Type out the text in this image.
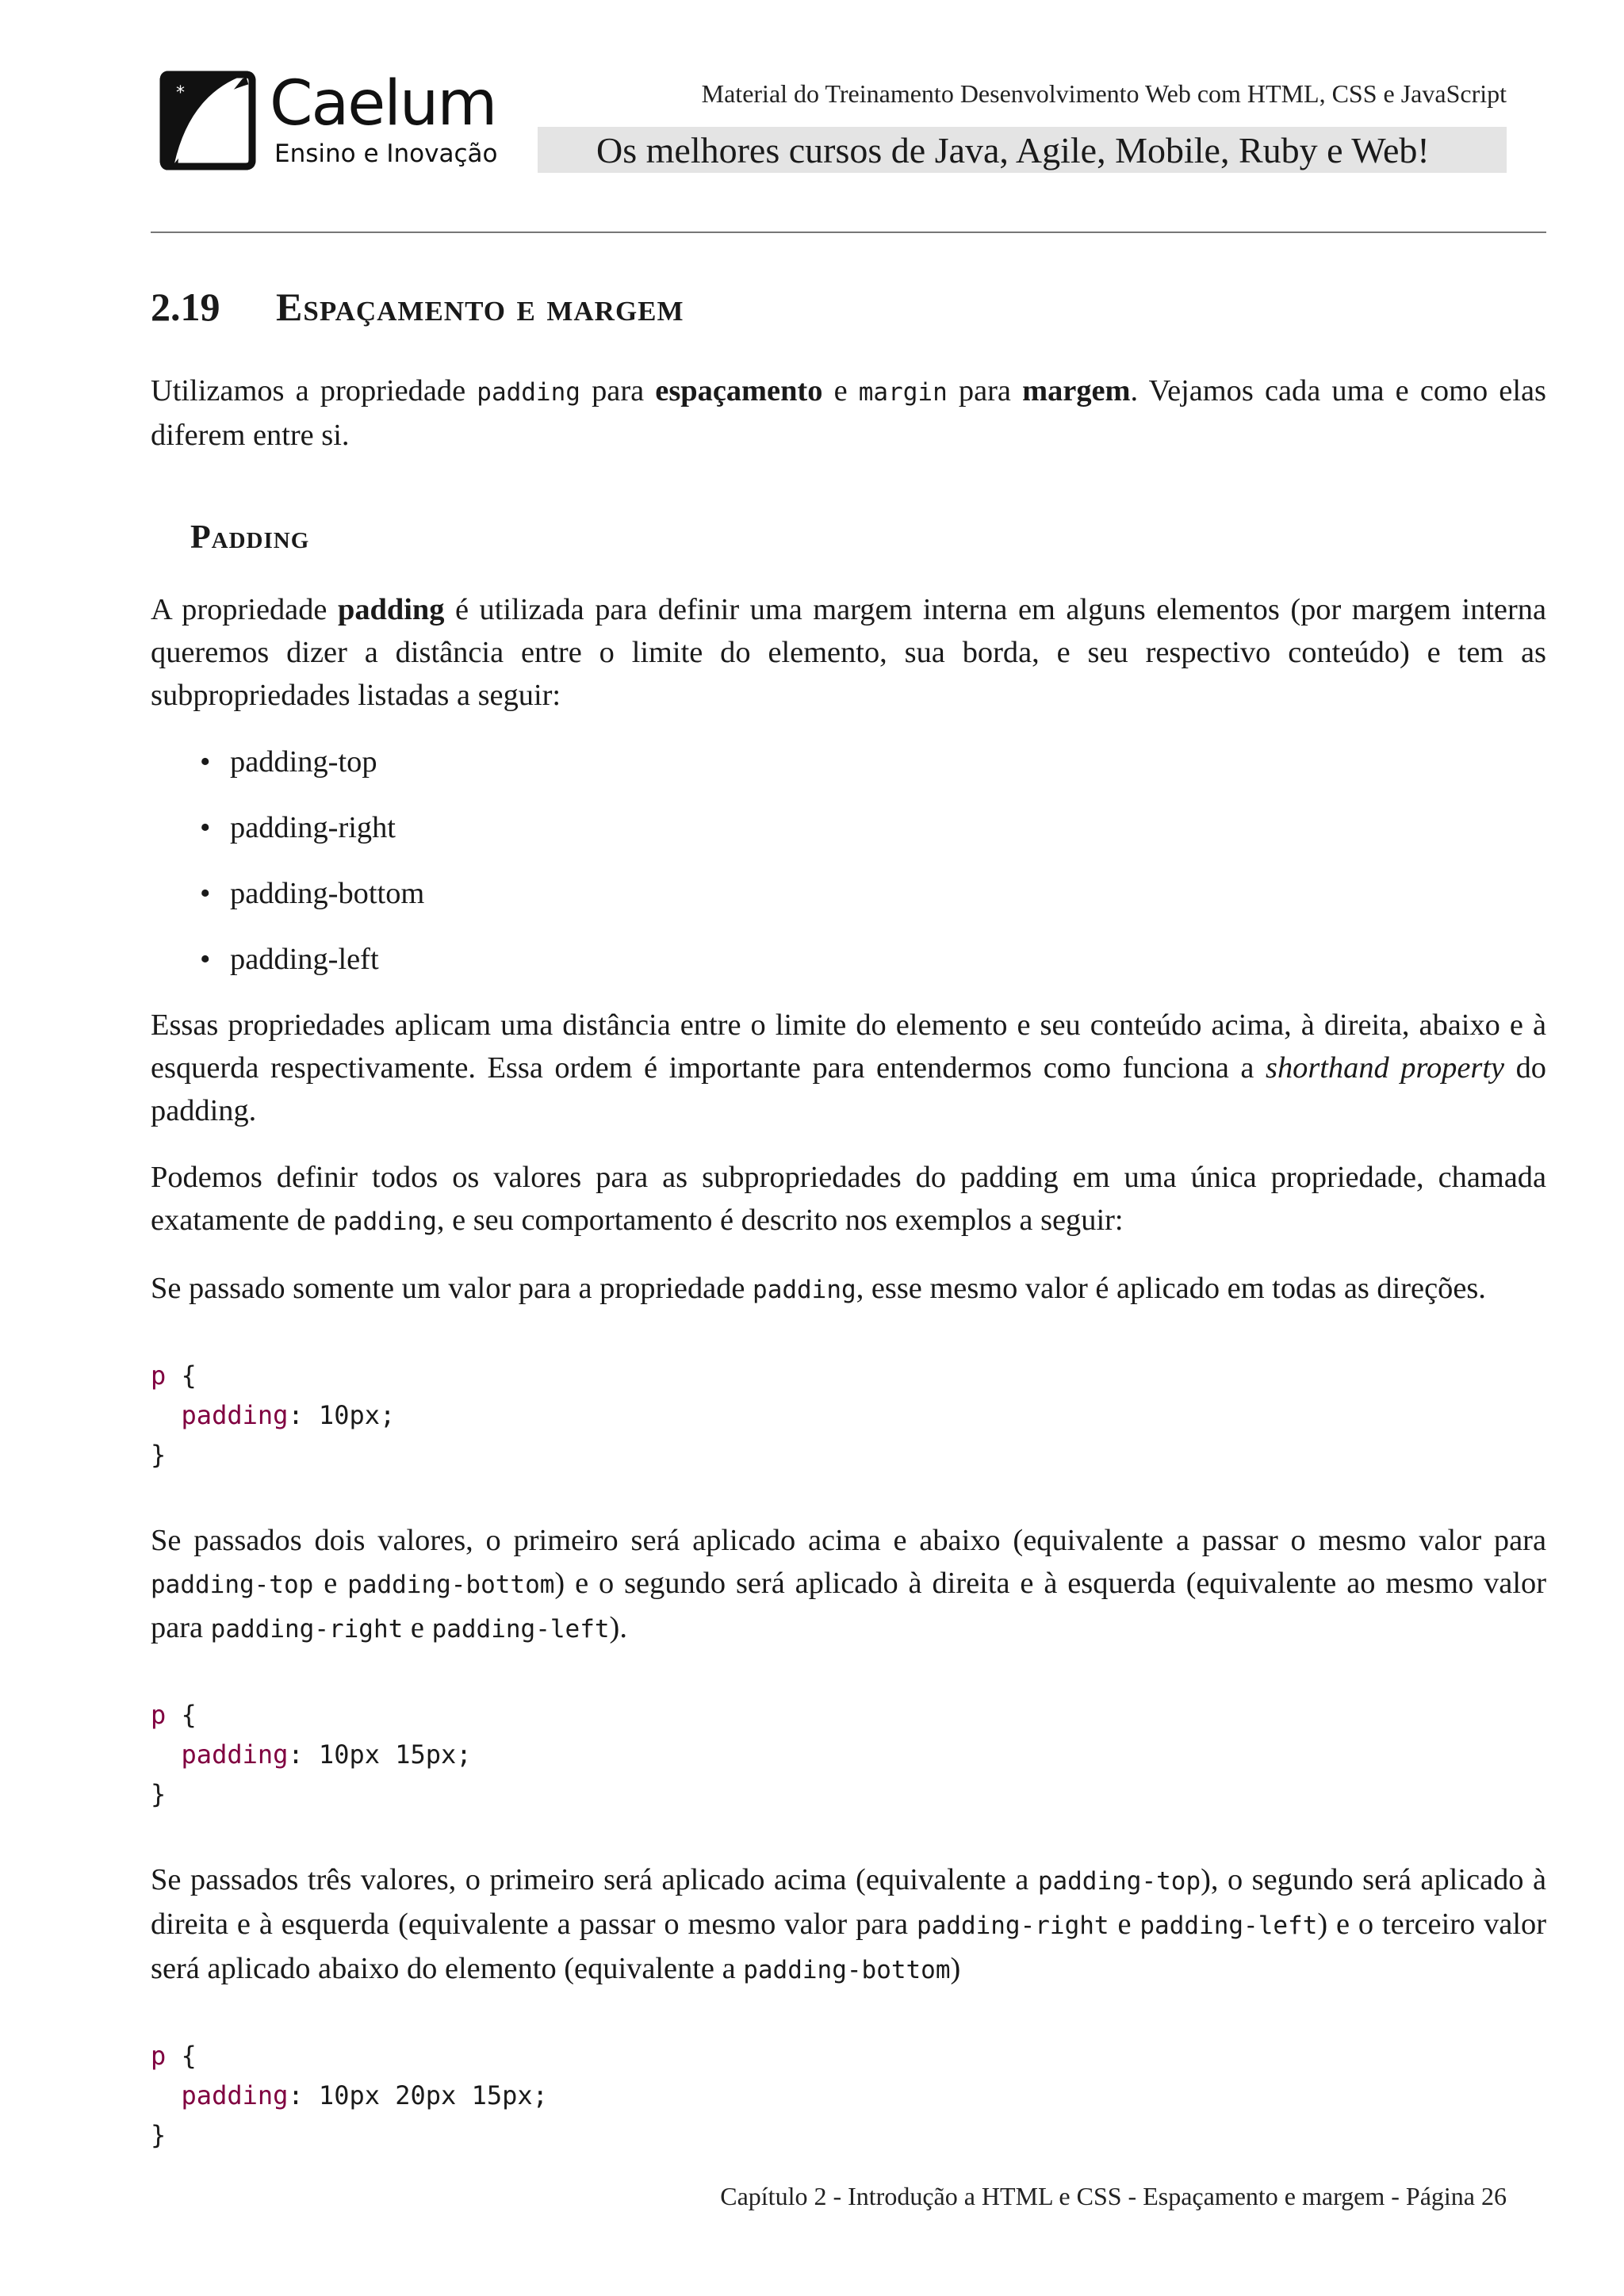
* Caelum
Ensino e Inovação
Material do Treinamento Desenvolvimento Web com HTML, CSS e JavaScript
Os melhores cursos de Java, Agile, Mobile, Ruby e Web!
2.19 Espaçamento e margem

Utilizamos a propriedade padding para espaçamento e margin para margem. Vejamos cada uma e como elas diferem entre si.

Padding

A propriedade padding é utilizada para definir uma margem interna em alguns elementos (por margem interna queremos dizer a distância entre o limite do elemento, sua borda, e seu respectivo conteúdo) e tem as subpropriedades listadas a seguir:

• padding-top
• padding-right
• padding-bottom
• padding-left

Essas propriedades aplicam uma distância entre o limite do elemento e seu conteúdo acima, à direita, abaixo e à esquerda respectivamente. Essa ordem é importante para entendermos como funciona a shorthand property do padding.

Podemos definir todos os valores para as subpropriedades do padding em uma única propriedade, chamada exatamente de padding, e seu comportamento é descrito nos exemplos a seguir:

Se passado somente um valor para a propriedade padding, esse mesmo valor é aplicado em todas as direções.

p {
padding: 10px;
}

Se passados dois valores, o primeiro será aplicado acima e abaixo (equivalente a passar o mesmo valor para padding-top e padding-bottom) e o segundo será aplicado à direita e à esquerda (equivalente ao mesmo valor para padding-right e padding-left).

p {
padding: 10px 15px;
}

Se passados três valores, o primeiro será aplicado acima (equivalente a padding-top), o segundo será aplicado à direita e à esquerda (equivalente a passar o mesmo valor para padding-right e padding-left) e o terceiro valor será aplicado abaixo do elemento (equivalente a padding-bottom)

p {
padding: 10px 20px 15px;
}
Capítulo 2 - Introdução a HTML e CSS - Espaçamento e margem - Página 26
